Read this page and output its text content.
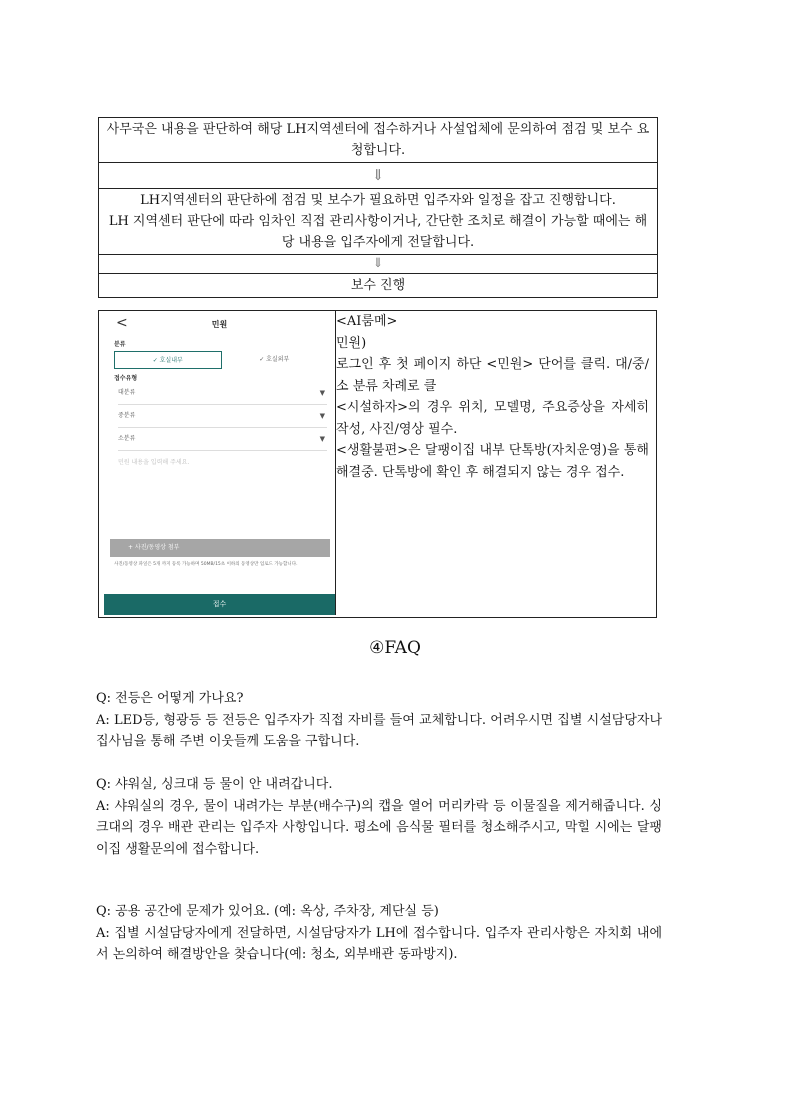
사무국은 내용을 판단하여 해당 LH지역센터에 접수하거나 사설업체에 문의하여 점검 및 보수 요청합니다.
⇓
LH지역센터의 판단하에 점검 및 보수가 필요하면 입주자와 일정을 잡고 진행합니다.
LH 지역센터 판단에 따라 임차인 직접 관리사항이거나, 간단한 조치로 해결이 가능할 때에는 해당 내용을 입주자에게 전달합니다.
⇓
보수 진행
<	민원
분류
✓ 호실내부	✓ 호실외부
접수유형
대분류	▼
중분류	▼
소분류	▼
민원 내용을 입력해 주세요.
+ 사진/동영상 첨부
사진/동영상 파일은 5개 까지 등록 가능하며 50MB/15초 이하의 동영상만 업로드 가능합니다.
접수

<AI룸메>

민원)

로그인 후 첫 페이지 하단 <민원> 단어를 클릭. 대/중/소 분류 차례로 클

<시설하자>의 경우 위치, 모델명, 주요증상을 자세히 작성, 사진/영상 필수.

<생활불편>은 달팽이집 내부 단톡방(자치운영)을 통해 해결중. 단톡방에 확인 후 해결되지 않는 경우 접수.

④FAQ

Q: 전등은 어떻게 가나요?

A: LED등, 형광등 등 전등은 입주자가 직접 자비를 들여 교체합니다. 어려우시면 집별 시설담당자나 집사님을 통해 주변 이웃들께 도움을 구합니다.

Q: 샤워실, 싱크대 등 물이 안 내려갑니다.

A: 샤워실의 경우, 물이 내려가는 부분(배수구)의 캡을 열어 머리카락 등 이물질을 제거해줍니다. 싱크대의 경우 배관 관리는 입주자 사항입니다. 평소에 음식물 필터를 청소해주시고, 막힐 시에는 달팽이집 생활문의에 접수합니다.

Q: 공용 공간에 문제가 있어요. (예: 옥상, 주차장, 계단실 등)

A: 집별 시설담당자에게 전달하면, 시설담당자가 LH에 접수합니다. 입주자 관리사항은 자치회 내에서 논의하여 해결방안을 찾습니다(예: 청소, 외부배관 동파방지).
